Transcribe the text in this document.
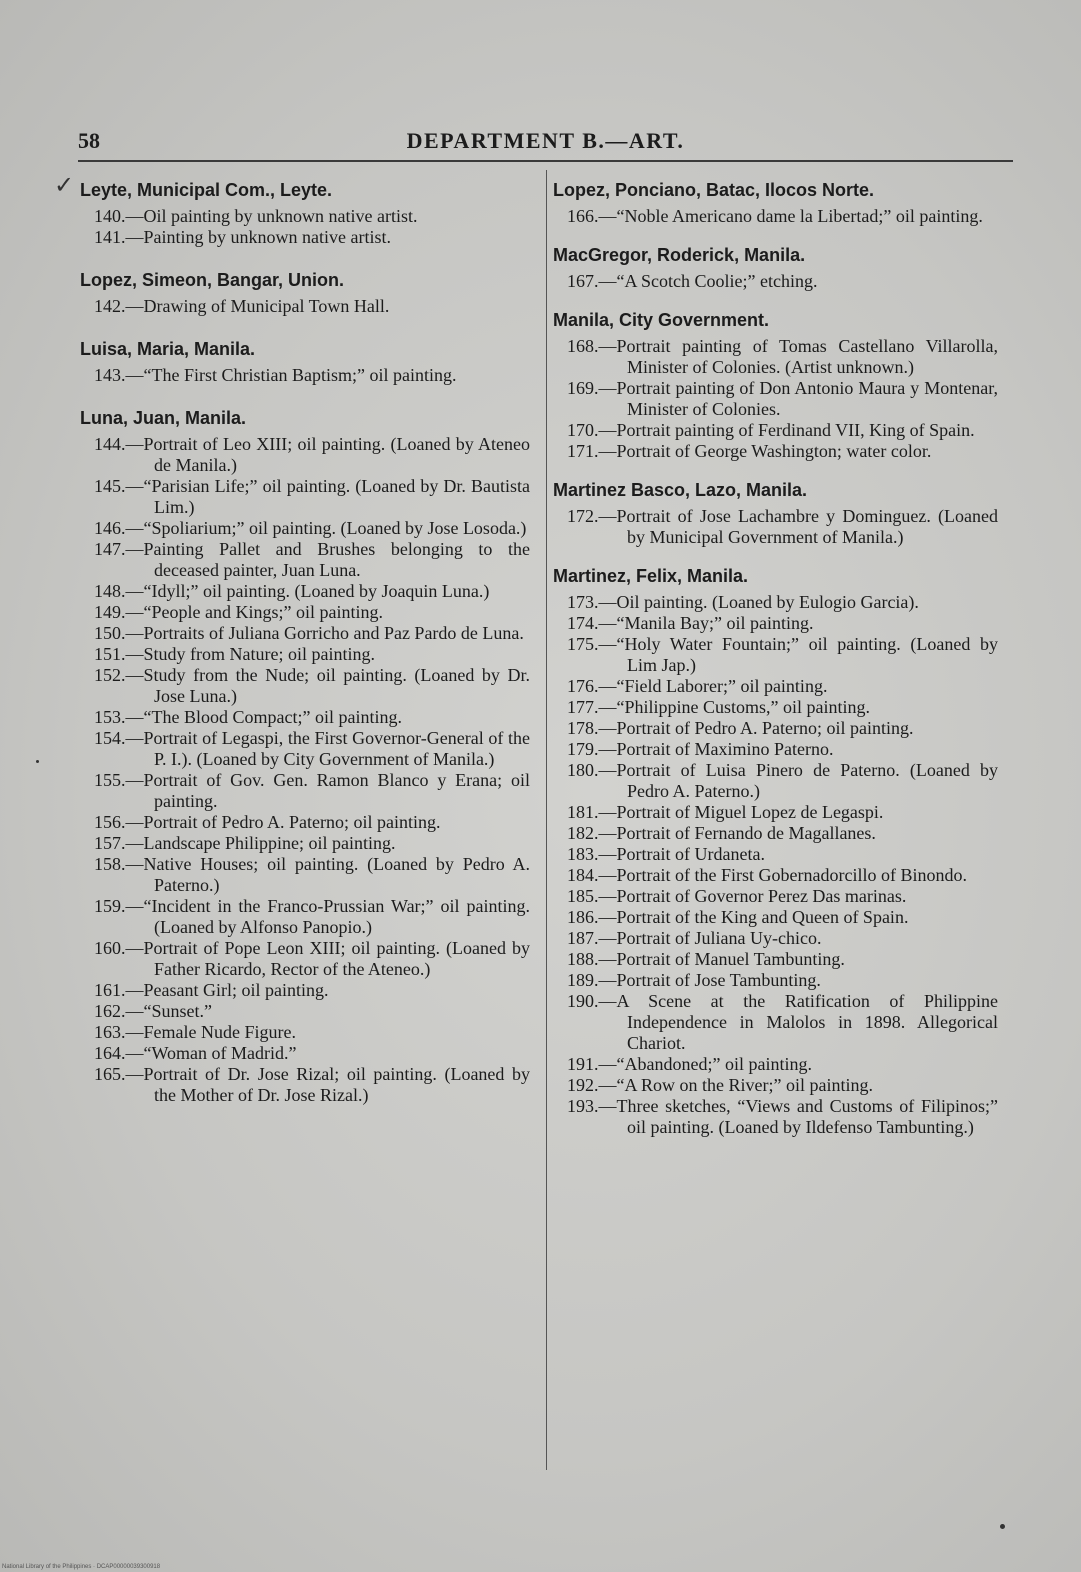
58	DEPARTMENT B.—ART.
✓ Leyte, Municipal Com., Leyte.
140.—Oil painting by unknown native artist.
141.—Painting by unknown native artist.
Lopez, Simeon, Bangar, Union.
142.—Drawing of Municipal Town Hall.
Luisa, Maria, Manila.
143.—“The First Christian Baptism;” oil painting.
Luna, Juan, Manila.
144.—Portrait of Leo XIII; oil painting. (Loaned by Ateneo de Manila.)
145.—“Parisian Life;” oil painting. (Loaned by Dr. Bautista Lim.)
146.—“Spoliarium;” oil painting. (Loaned by Jose Losoda.)
147.—Painting Pallet and Brushes belonging to the deceased painter, Juan Luna.
148.—“Idyll;” oil painting. (Loaned by Joaquin Luna.)
149.—“People and Kings;” oil painting.
150.—Portraits of Juliana Gorricho and Paz Pardo de Luna.
151.—Study from Nature; oil painting.
152.—Study from the Nude; oil painting. (Loaned by Dr. Jose Luna.)
153.—“The Blood Compact;” oil painting.
154.—Portrait of Legaspi, the First Governor-General of the P. I.). (Loaned by City Government of Manila.)
155.—Portrait of Gov. Gen. Ramon Blanco y Erana; oil painting.
156.—Portrait of Pedro A. Paterno; oil painting.
157.—Landscape Philippine; oil painting.
158.—Native Houses; oil painting. (Loaned by Pedro A. Paterno.)
159.—“Incident in the Franco-Prussian War;” oil painting. (Loaned by Alfonso Panopio.)
160.—Portrait of Pope Leon XIII; oil painting. (Loaned by Father Ricardo, Rector of the Ateneo.)
161.—Peasant Girl; oil painting.
162.—“Sunset.”
163.—Female Nude Figure.
164.—“Woman of Madrid.”
165.—Portrait of Dr. Jose Rizal; oil painting. (Loaned by the Mother of Dr. Jose Rizal.)
Lopez, Ponciano, Batac, Ilocos Norte.
166.—“Noble Americano dame la Libertad;” oil painting.
MacGregor, Roderick, Manila.
167.—“A Scotch Coolie;” etching.
Manila, City Government.
168.—Portrait painting of Tomas Castellano Villarolla, Minister of Colonies. (Artist unknown.)
169.—Portrait painting of Don Antonio Maura y Montenar, Minister of Colonies.
170.—Portrait painting of Ferdinand VII, King of Spain.
171.—Portrait of George Washington; water color.
Martinez Basco, Lazo, Manila.
172.—Portrait of Jose Lachambre y Dominguez. (Loaned by Municipal Government of Manila.)
Martinez, Felix, Manila.
173.—Oil painting. (Loaned by Eulogio Garcia).
174.—“Manila Bay;” oil painting.
175.—“Holy Water Fountain;” oil painting. (Loaned by Lim Jap.)
176.—“Field Laborer;” oil painting.
177.—“Philippine Customs,” oil painting.
178.—Portrait of Pedro A. Paterno; oil painting.
179.—Portrait of Maximino Paterno.
180.—Portrait of Luisa Pinero de Paterno. (Loaned by Pedro A. Paterno.)
181.—Portrait of Miguel Lopez de Legaspi.
182.—Portrait of Fernando de Magallanes.
183.—Portrait of Urdaneta.
184.—Portrait of the First Gobernadorcillo of Binondo.
185.—Portrait of Governor Perez Das marinas.
186.—Portrait of the King and Queen of Spain.
187.—Portrait of Juliana Uy-chico.
188.—Portrait of Manuel Tambunting.
189.—Portrait of Jose Tambunting.
190.—A Scene at the Ratification of Philippine Independence in Malolos in 1898. Allegorical Chariot.
191.—“Abandoned;” oil painting.
192.—“A Row on the River;” oil painting.
193.—Three sketches, “Views and Customs of Filipinos;” oil painting. (Loaned by Ildefenso Tambunting.)
National Library of the Philippines · DCAP00000039300918
